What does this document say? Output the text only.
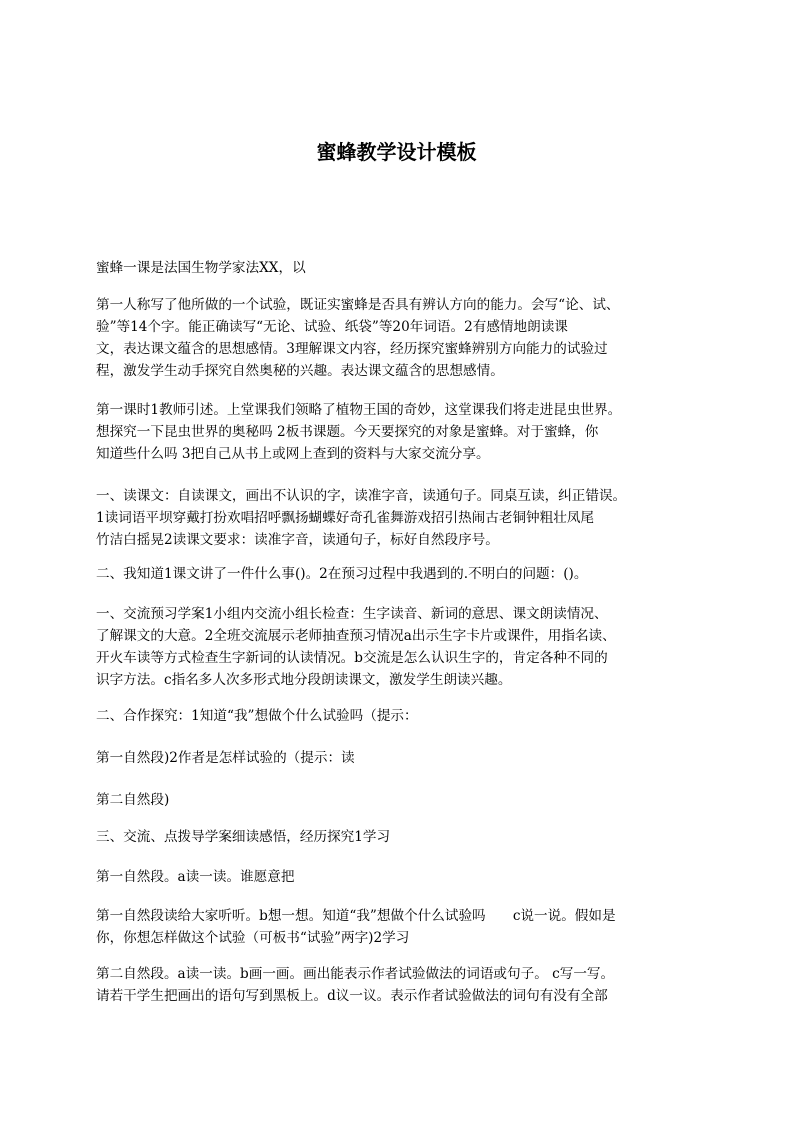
蜜蜂教学设计模板

蜜蜂一课是法国生物学家法XX，以

第一人称写了他所做的一个试验，既证实蜜蜂是否具有辨认方向的能力。会写“论、试、
验”等14个字。能正确读写“无论、试验、纸袋”等20年词语。2有感情地朗读课
文，表达课文蕴含的思想感情。3理解课文内容，经历探究蜜蜂辨别方向能力的试验过
程，激发学生动手探究自然奥秘的兴趣。表达课文蕴含的思想感情。

第一课时1教师引述。上堂课我们领略了植物王国的奇妙，这堂课我们将走进昆虫世界。
想探究一下昆虫世界的奥秘吗 2板书课题。今天要探究的对象是蜜蜂。对于蜜蜂，你
知道些什么吗 3把自己从书上或网上查到的资料与大家交流分享。

一、读课文：自读课文，画出不认识的字，读准字音，读通句子。同桌互读，纠正错误。
1读词语平坝穿戴打扮欢唱招呼飘扬蝴蝶好奇孔雀舞游戏招引热闹古老铜钟粗壮凤尾
竹洁白摇晃2读课文要求：读准字音，读通句子，标好自然段序号。

二、我知道1课文讲了一件什么事()。2在预习过程中我遇到的.不明白的问题：()。

一、交流预习学案1小组内交流小组长检查：生字读音、新词的意思、课文朗读情况、
了解课文的大意。2全班交流展示老师抽查预习情况a出示生字卡片或课件，用指名读、
开火车读等方式检查生字新词的认读情况。b交流是怎么认识生字的，肯定各种不同的
识字方法。c指名多人次多形式地分段朗读课文，激发学生朗读兴趣。

二、合作探究：1知道“我”想做个什么试验吗（提示：

第一自然段)2作者是怎样试验的（提示：读

第二自然段)

三、交流、点拨导学案细读感悟，经历探究1学习

第一自然段。a读一读。谁愿意把

第一自然段读给大家听听。b想一想。知道“我”想做个什么试验吗　　c说一说。假如是
你，你想怎样做这个试验（可板书“试验”两字)2学习

第二自然段。a读一读。b画一画。画出能表示作者试验做法的词语或句子。 c写一写。
请若干学生把画出的语句写到黑板上。d议一议。表示作者试验做法的词句有没有全部
